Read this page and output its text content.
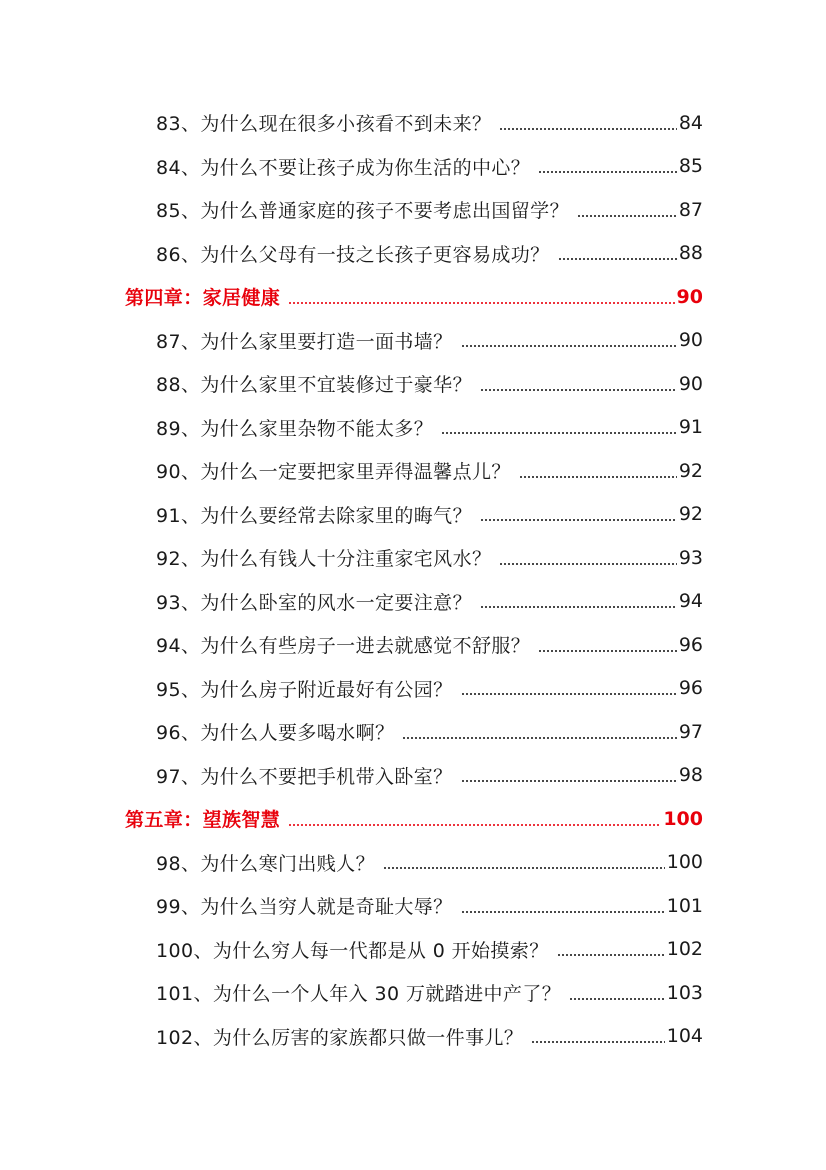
83、为什么现在很多小孩看不到未来？	84
84、为什么不要让孩子成为你生活的中心？	85
85、为什么普通家庭的孩子不要考虑出国留学？	87
86、为什么父母有一技之长孩子更容易成功？	88
第四章：家居健康	90
87、为什么家里要打造一面书墙？	90
88、为什么家里不宜装修过于豪华？	90
89、为什么家里杂物不能太多？	91
90、为什么一定要把家里弄得温馨点儿？	92
91、为什么要经常去除家里的晦气？	92
92、为什么有钱人十分注重家宅风水？	93
93、为什么卧室的风水一定要注意？	94
94、为什么有些房子一进去就感觉不舒服？	96
95、为什么房子附近最好有公园？	96
96、为什么人要多喝水啊？	97
97、为什么不要把手机带入卧室？	98
第五章：望族智慧	100
98、为什么寒门出贱人？	100
99、为什么当穷人就是奇耻大辱？	101
100、为什么穷人每一代都是从 0 开始摸索？	102
101、为什么一个人年入 30 万就踏进中产了？	103
102、为什么厉害的家族都只做一件事儿？	104
